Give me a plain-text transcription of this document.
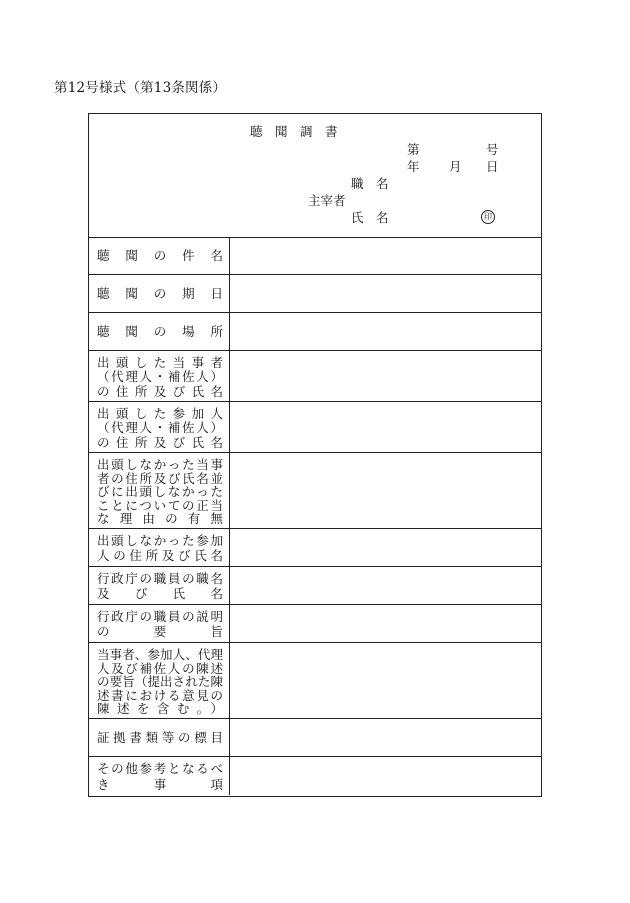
第12号様式（第13条関係）
聴　聞　調　書
第	号
年 月 日
職　名
主宰者
氏　名	印
聴　聞　の　件　名
聴　聞　の　期　日
聴　聞　の　場　所
出頭した当事者
（代理人・補佐人）
の住所及び氏名
出頭した参加人
（代理人・補佐人）
の住所及び氏名
出頭しなかった当事
者の住所及び氏名並
びに出頭しなかった
ことについての正当
な理由の有無
出頭しなかった参加
人の住所及び氏名
行政庁の職員の職名
及　び　氏　名
行政庁の職員の説明
の　　要　　旨
当事者、参加人、代理
人及び補佐人の陳述
の要旨（提出された陳
述書における意見の
陳述を含む。）
証拠書類等の標目
その他参考となるべ
き　　事　　項
